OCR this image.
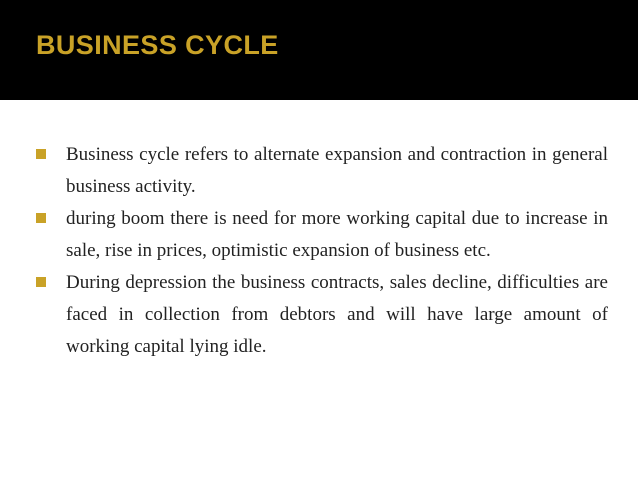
BUSINESS CYCLE

Business cycle refers to alternate expansion and contraction in general business activity.

during boom there is need for more working capital due to increase in sale, rise in prices, optimistic expansion of business etc.

During depression the business contracts, sales decline, difficulties are faced in collection from debtors and will have large amount of working capital lying idle.
